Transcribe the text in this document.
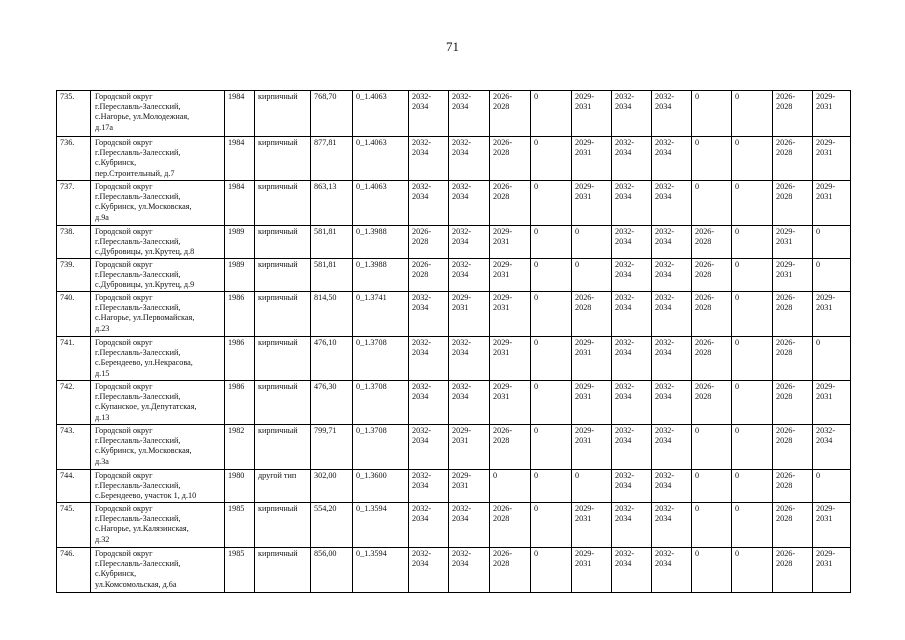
71
735.	Городской округ
г.Переславль-Залесский,
с.Нагорье, ул.Молодежная,
д.17а	1984	кирпичный	768,70	0_1.4063	2032-
2034	2032-
2034	2026-
2028	0	2029-
2031	2032-
2034	2032-
2034	0	0	2026-
2028	2029-
2031

736.	Городской округ
г.Переславль-Залесский,
с.Кубринск,
пер.Строительный, д.7	1984	кирпичный	877,81	0_1.4063	2032-
2034	2032-
2034	2026-
2028	0	2029-
2031	2032-
2034	2032-
2034	0	0	2026-
2028	2029-
2031

737.	Городской округ
г.Переславль-Залесский,
с.Кубринск, ул.Московская,
д.9а	1984	кирпичный	863,13	0_1.4063	2032-
2034	2032-
2034	2026-
2028	0	2029-
2031	2032-
2034	2032-
2034	0	0	2026-
2028	2029-
2031

738.	Городской округ
г.Переславль-Залесский,
с.Дубровицы, ул.Крутец, д.8	1989	кирпичный	581,81	0_1.3988	2026-
2028	2032-
2034	2029-
2031	0	0	2032-
2034	2032-
2034	2026-
2028	0	2029-
2031	0

739.	Городской округ
г.Переславль-Залесский,
с.Дубровицы, ул.Крутец, д.9	1989	кирпичный	581,81	0_1.3988	2026-
2028	2032-
2034	2029-
2031	0	0	2032-
2034	2032-
2034	2026-
2028	0	2029-
2031	0

740.	Городской округ
г.Переславль-Залесский,
с.Нагорье, ул.Первомайская,
д.23	1986	кирпичный	814,50	0_1.3741	2032-
2034	2029-
2031	2029-
2031	0	2026-
2028	2032-
2034	2032-
2034	2026-
2028	0	2026-
2028	2029-
2031

741.	Городской округ
г.Переславль-Залесский,
с.Берендеево, ул.Некрасова,
д.15	1986	кирпичный	476,10	0_1.3708	2032-
2034	2032-
2034	2029-
2031	0	2029-
2031	2032-
2034	2032-
2034	2026-
2028	0	2026-
2028	0

742.	Городской округ
г.Переславль-Залесский,
с.Купанское, ул.Депутатская,
д.13	1986	кирпичный	476,30	0_1.3708	2032-
2034	2032-
2034	2029-
2031	0	2029-
2031	2032-
2034	2032-
2034	2026-
2028	0	2026-
2028	2029-
2031

743.	Городской округ
г.Переславль-Залесский,
с.Кубринск, ул.Московская,
д.3а	1982	кирпичный	799,71	0_1.3708	2032-
2034	2029-
2031	2026-
2028	0	2029-
2031	2032-
2034	2032-
2034	0	0	2026-
2028	2032-
2034

744.	Городской округ
г.Переславль-Залесский,
с.Берендеево, участок 1, д.10	1980	другой тип	302,00	0_1.3600	2032-
2034	2029-
2031	0	0	0	2032-
2034	2032-
2034	0	0	2026-
2028	0

745.	Городской округ
г.Переславль-Залесский,
с.Нагорье, ул.Калязинская,
д.32	1985	кирпичный	554,20	0_1.3594	2032-
2034	2032-
2034	2026-
2028	0	2029-
2031	2032-
2034	2032-
2034	0	0	2026-
2028	2029-
2031

746.	Городской округ
г.Переславль-Залесский,
с.Кубринск,
ул.Комсомольская, д.6а	1985	кирпичный	856,00	0_1.3594	2032-
2034	2032-
2034	2026-
2028	0	2029-
2031	2032-
2034	2032-
2034	0	0	2026-
2028	2029-
2031
